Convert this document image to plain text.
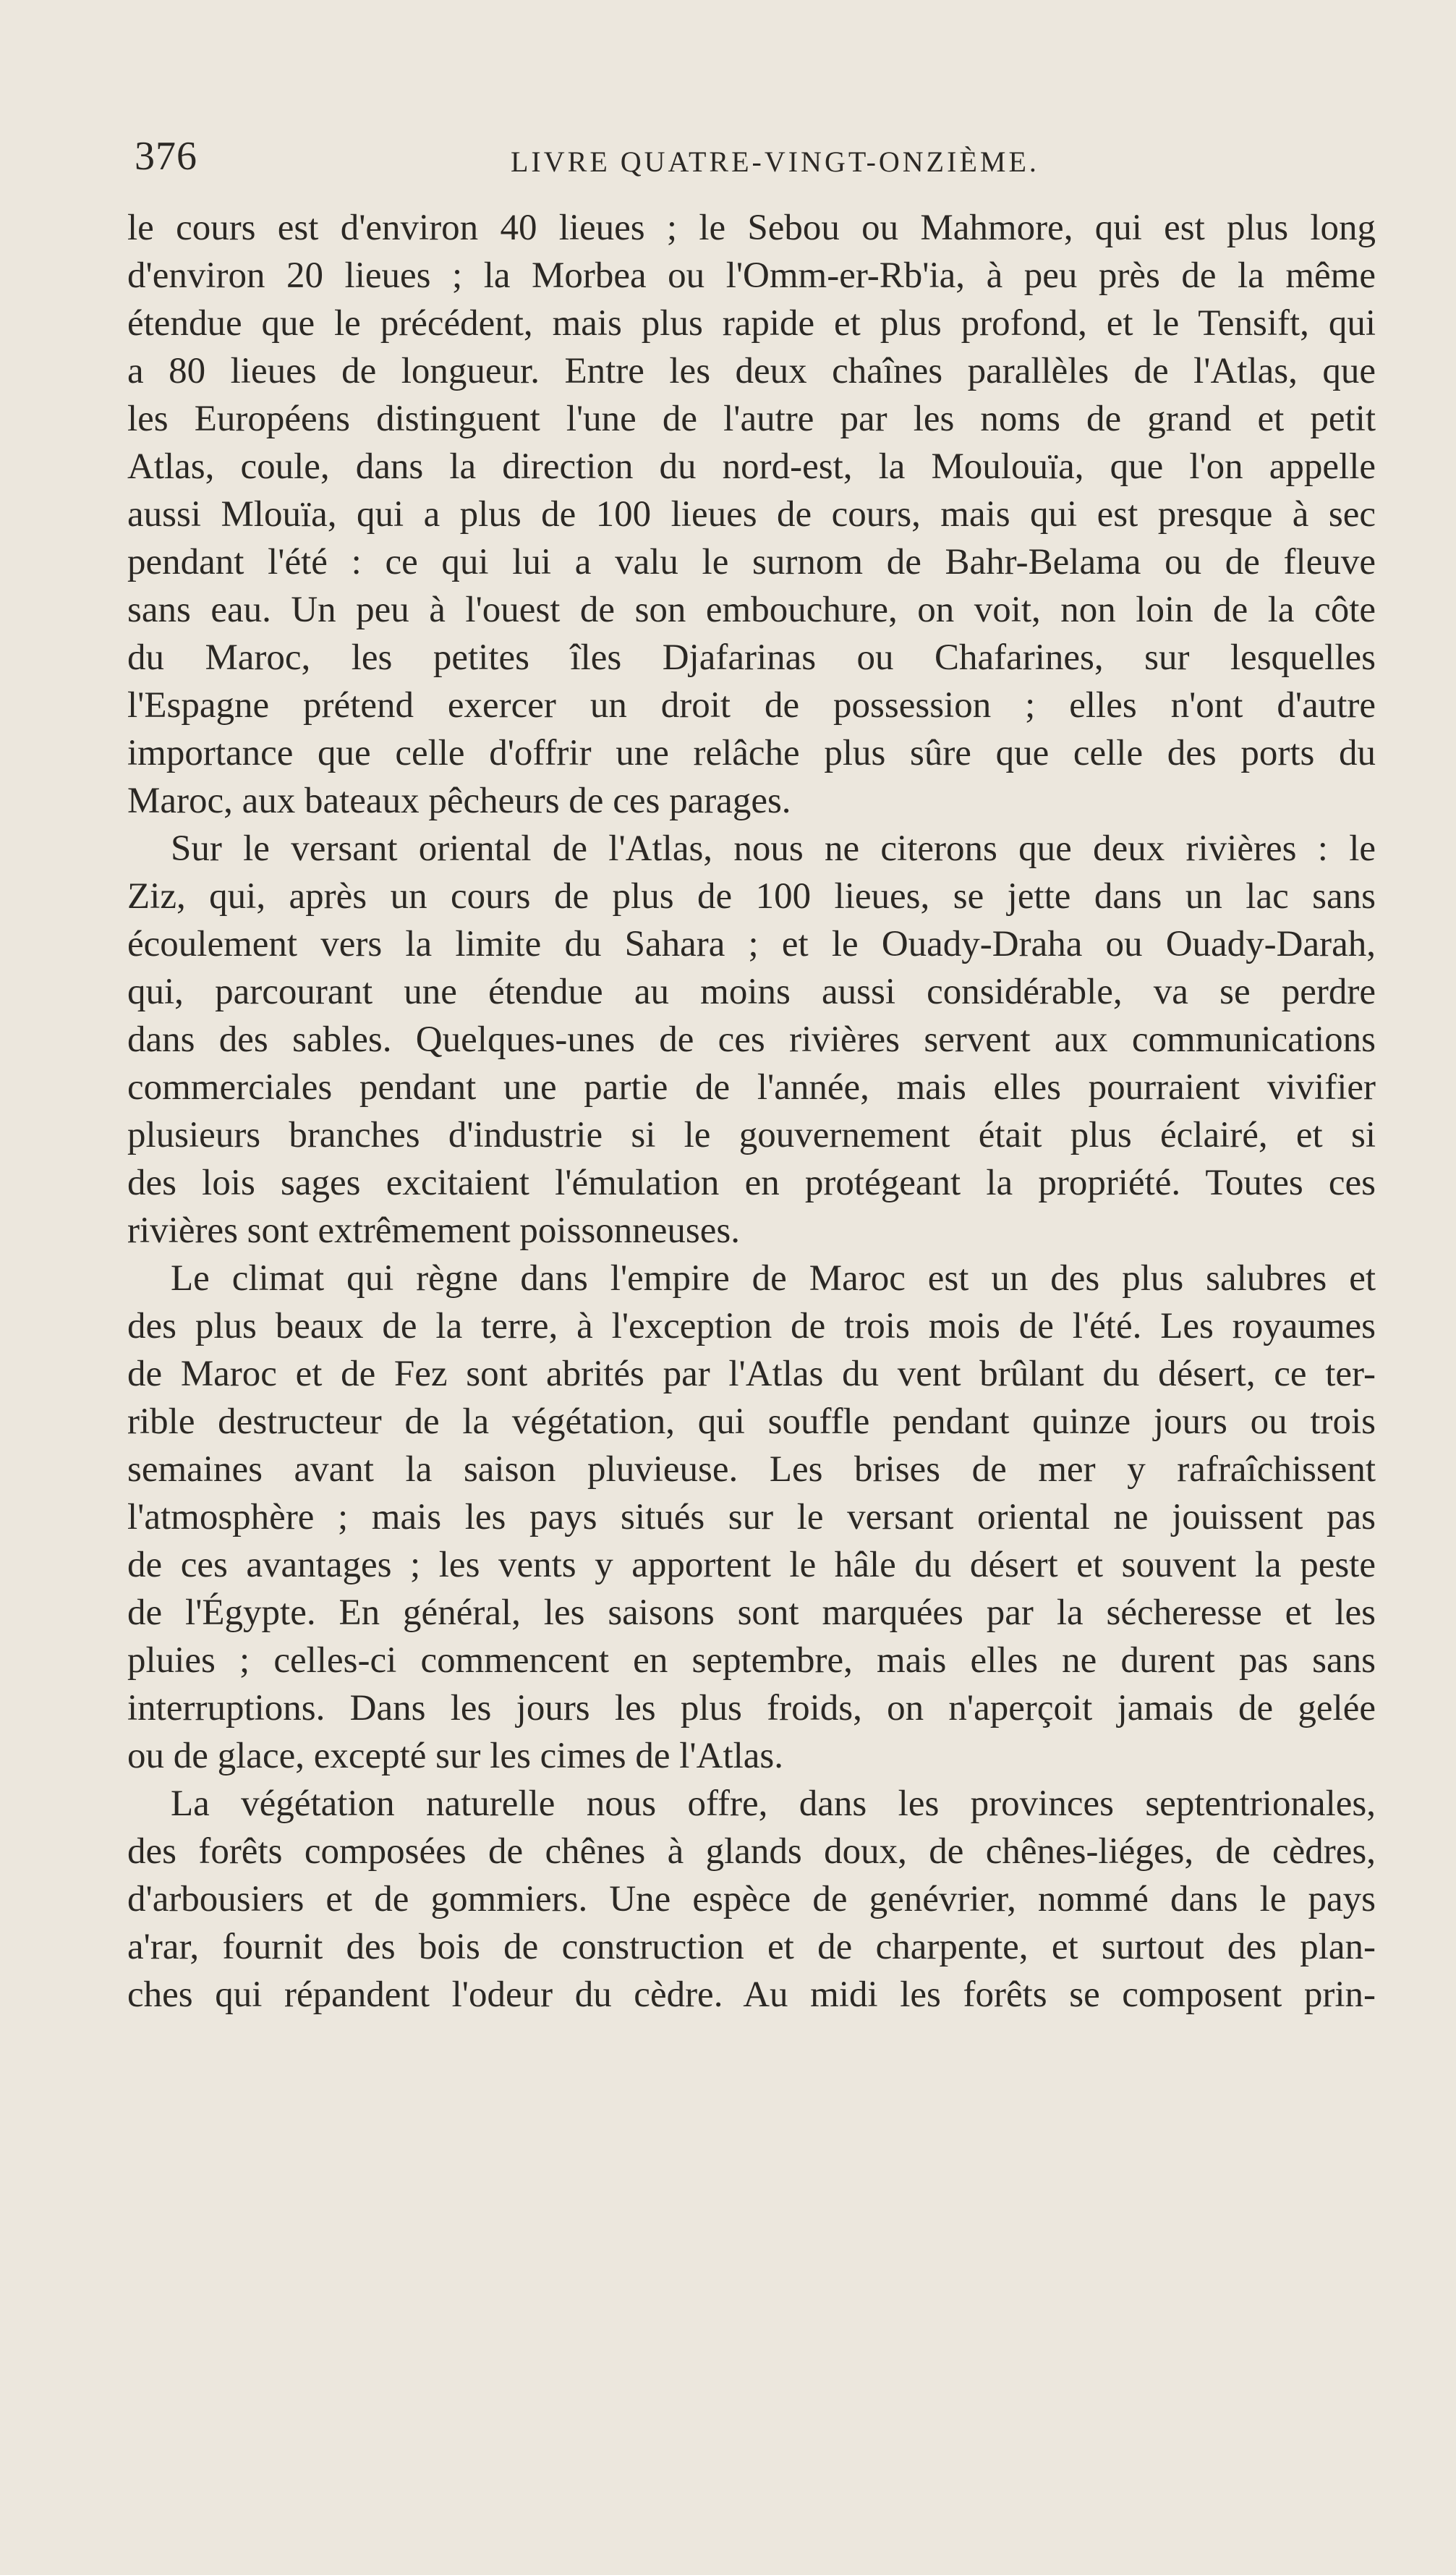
376	LIVRE QUATRE-VINGT-ONZIÈME.
le cours est d'environ 40 lieues ; le Sebou ou Mahmore, qui est plus long
d'environ 20 lieues ; la Morbea ou l'Omm-er-Rb'ia, à peu près de la même
étendue que le précédent, mais plus rapide et plus profond, et le Tensift, qui
a 80 lieues de longueur. Entre les deux chaînes parallèles de l'Atlas, que
les Européens distinguent l'une de l'autre par les noms de grand et petit
Atlas, coule, dans la direction du nord-est, la Moulouïa, que l'on appelle
aussi Mlouïa, qui a plus de 100 lieues de cours, mais qui est presque à sec
pendant l'été : ce qui lui a valu le surnom de Bahr-Belama ou de fleuve
sans eau. Un peu à l'ouest de son embouchure, on voit, non loin de la côte
du Maroc, les petites îles Djafarinas ou Chafarines, sur lesquelles
l'Espagne prétend exercer un droit de possession ; elles n'ont d'autre
importance que celle d'offrir une relâche plus sûre que celle des ports du
Maroc, aux bateaux pêcheurs de ces parages.
Sur le versant oriental de l'Atlas, nous ne citerons que deux rivières : le
Ziz, qui, après un cours de plus de 100 lieues, se jette dans un lac sans
écoulement vers la limite du Sahara ; et le Ouady-Draha ou Ouady-Darah,
qui, parcourant une étendue au moins aussi considérable, va se perdre
dans des sables. Quelques-unes de ces rivières servent aux communications
commerciales pendant une partie de l'année, mais elles pourraient vivifier
plusieurs branches d'industrie si le gouvernement était plus éclairé, et si
des lois sages excitaient l'émulation en protégeant la propriété. Toutes ces
rivières sont extrêmement poissonneuses.
Le climat qui règne dans l'empire de Maroc est un des plus salubres et
des plus beaux de la terre, à l'exception de trois mois de l'été. Les royaumes
de Maroc et de Fez sont abrités par l'Atlas du vent brûlant du désert, ce ter-
rible destructeur de la végétation, qui souffle pendant quinze jours ou trois
semaines avant la saison pluvieuse. Les brises de mer y rafraîchissent
l'atmosphère ; mais les pays situés sur le versant oriental ne jouissent pas
de ces avantages ; les vents y apportent le hâle du désert et souvent la peste
de l'Égypte. En général, les saisons sont marquées par la sécheresse et les
pluies ; celles-ci commencent en septembre, mais elles ne durent pas sans
interruptions. Dans les jours les plus froids, on n'aperçoit jamais de gelée
ou de glace, excepté sur les cimes de l'Atlas.
La végétation naturelle nous offre, dans les provinces septentrionales,
des forêts composées de chênes à glands doux, de chênes-liéges, de cèdres,
d'arbousiers et de gommiers. Une espèce de genévrier, nommé dans le pays
a'rar, fournit des bois de construction et de charpente, et surtout des plan-
ches qui répandent l'odeur du cèdre. Au midi les forêts se composent prin-
